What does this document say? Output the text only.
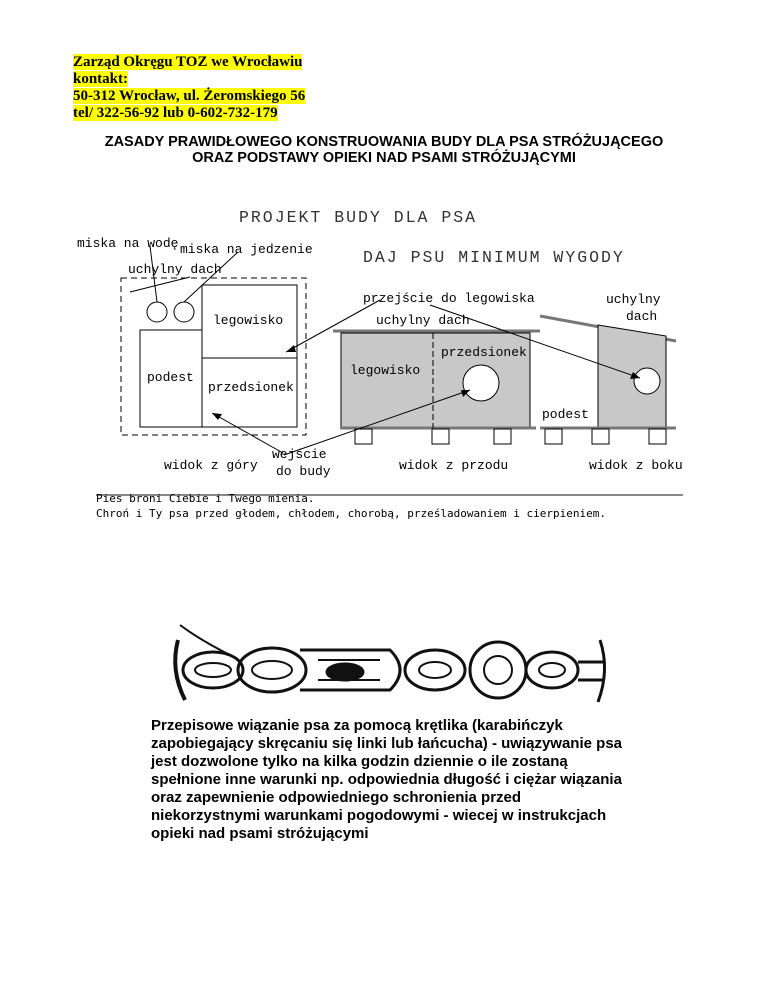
Zarząd Okręgu TOZ we Wrocławiu
kontakt:
50-312 Wrocław, ul. Żeromskiego 56
tel/ 322-56-92 lub 0-602-732-179
ZASADY PRAWIDŁOWEGO KONSTRUOWANIA BUDY DLA PSA STRÓŻUJĄCEGO
ORAZ PODSTAWY OPIEKI NAD PSAMI STRÓŻUJĄCYMI
PROJEKT BUDY DLA PSA
DAJ PSU MINIMUM WYGODY
miska na wodę miska na jedzenie
uchylny dach
legowisko
podest
przedsionek
widok z góry
wejście
do budy
przejście do legowiska
uchylny dach
przedsionek
legowisko
podest
widok z przodu
uchylny
dach
widok z boku
Pies broni Ciebie i Twego mienia.
Chroń i Ty psa przed głodem, chłodem, chorobą, prześladowaniem i cierpieniem.
Przepisowe wiązanie psa za pomocą krętlika (karabińczyk zapobiegający skręcaniu się linki lub łańcucha) - uwiązywanie psa jest dozwolone tylko na kilka godzin dziennie o ile zostaną spełnione inne warunki np. odpowiednia długość i ciężar wiązania oraz zapewnienie odpowiedniego schronienia przed niekorzystnymi warunkami pogodowymi - wiecej w instrukcjach opieki nad psami stróżującymi
